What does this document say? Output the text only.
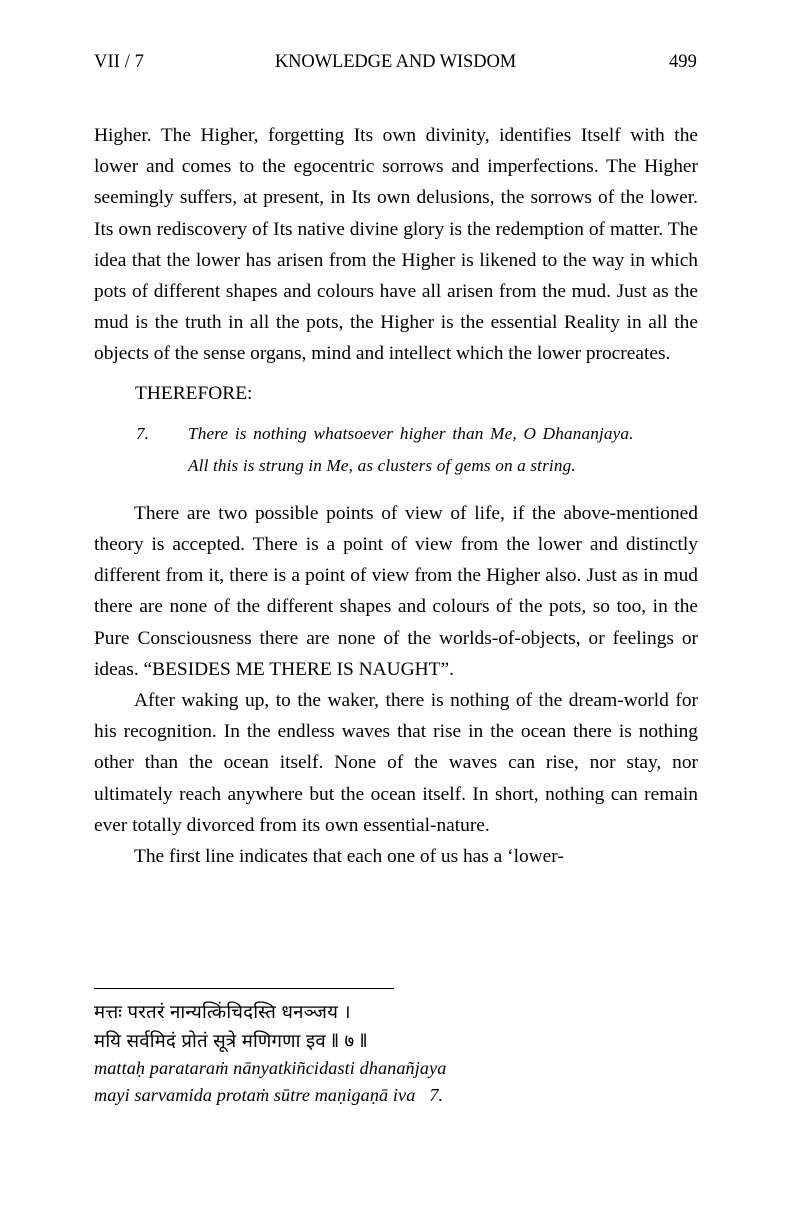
VII / 7	KNOWLEDGE AND WISDOM	499

Higher. The Higher, forgetting Its own divinity, identifies Itself with the lower and comes to the egocentric sorrows and imperfections. The Higher seemingly suffers, at present, in Its own delusions, the sorrows of the lower. Its own rediscovery of Its native divine glory is the redemption of matter. The idea that the lower has arisen from the Higher is likened to the way in which pots of different shapes and colours have all arisen from the mud. Just as the mud is the truth in all the pots, the Higher is the essential Reality in all the objects of the sense organs, mind and intellect which the lower procreates.

THEREFORE:
7.	There is nothing whatsoever higher than Me, O Dhananjaya.
All this is strung in Me, as clusters of gems on a string.

There are two possible points of view of life, if the above-mentioned theory is accepted. There is a point of view from the lower and distinctly different from it, there is a point of view from the Higher also. Just as in mud there are none of the different shapes and colours of the pots, so too, in the Pure Consciousness there are none of the worlds-of-objects, or feelings or ideas. “BESIDES ME THERE IS NAUGHT”.

After waking up, to the waker, there is nothing of the dream-world for his recognition. In the endless waves that rise in the ocean there is nothing other than the ocean itself. None of the waves can rise, nor stay, nor ultimately reach anywhere but the ocean itself. In short, nothing can remain ever totally divorced from its own essential-nature.

The first line indicates that each one of us has a ‘lower-

मत्तः परतरं नान्यत्किंचिदस्ति धनञ्जय ।
मयि सर्वमिदं प्रोतं सूत्रे मणिगणा इव ‖ ७ ‖
mattaḥ parataraṁ nānyatkiñcidasti dhanañjaya
mayi sarvamida protaṁ sūtre maṇigaṇā iva   7.
